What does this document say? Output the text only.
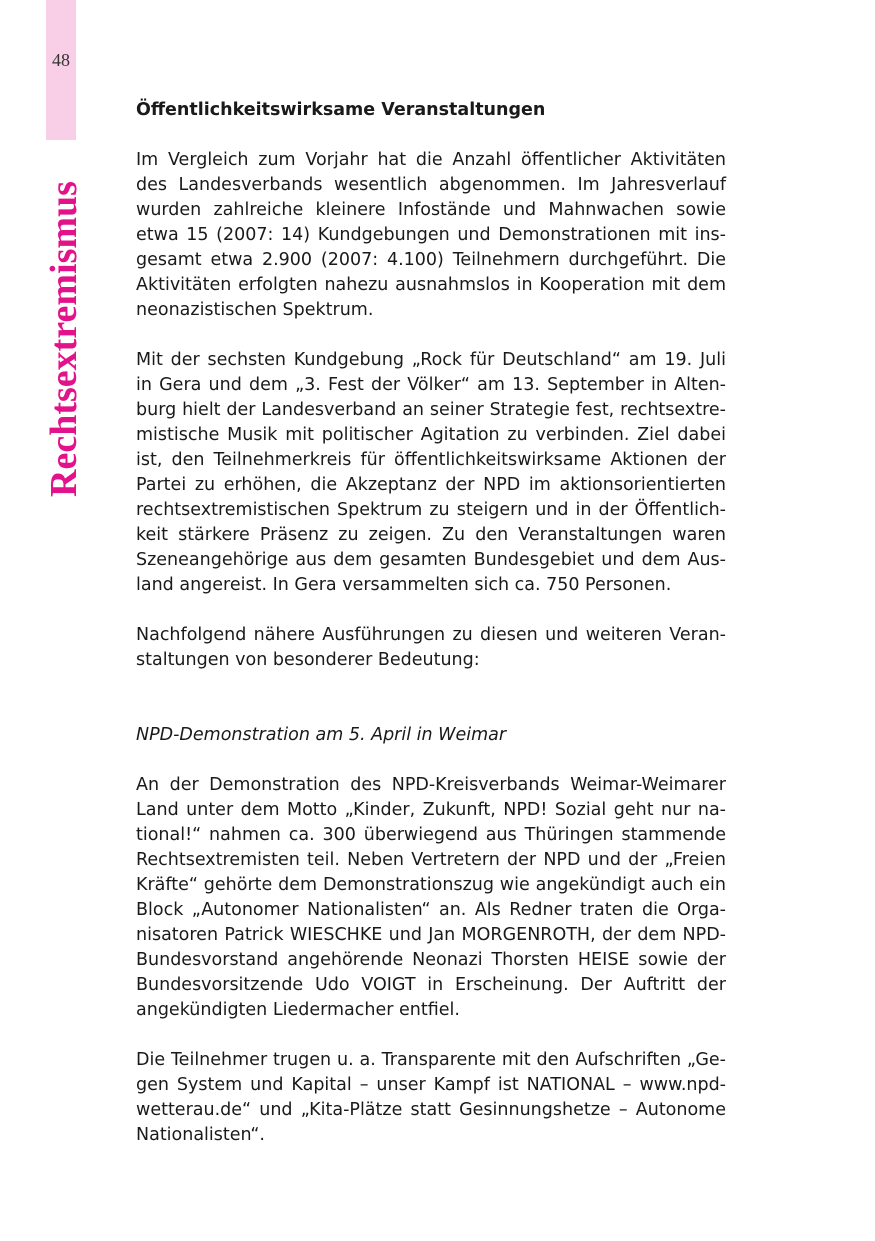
48
Rechtsextremismus
Öffentlichkeitswirksame Veranstaltungen

Im Vergleich zum Vorjahr hat die Anzahl öffentlicher Aktivitäten des Landesverbands wesentlich abgenommen. Im Jahresverlauf wurden zahlreiche kleinere Infostände und Mahnwachen sowie etwa 15 (2007: 14) Kundgebungen und Demonstrationen mit insgesamt etwa 2.900 (2007: 4.100) Teilnehmern durchgeführt. Die Aktivitäten erfolgten nahezu ausnahmslos in Kooperation mit dem neonazistischen Spektrum.

Mit der sechsten Kundgebung „Rock für Deutschland“ am 19. Juli in Gera und dem „3. Fest der Völker“ am 13. September in Altenburg hielt der Landesverband an seiner Strategie fest, rechtsextremistische Musik mit politischer Agitation zu verbinden. Ziel dabei ist, den Teilnehmerkreis für öffentlichkeitswirksame Aktionen der Partei zu erhöhen, die Akzeptanz der NPD im aktionsorientierten rechtsextremistischen Spektrum zu steigern und in der Öffentlichkeit stärkere Präsenz zu zeigen. Zu den Veranstaltungen waren Szeneangehörige aus dem gesamten Bundesgebiet und dem Ausland angereist. In Gera versammelten sich ca. 750 Personen.

Nachfolgend nähere Ausführungen zu diesen und weiteren Veranstaltungen von besonderer Bedeutung:

NPD-Demonstration am 5. April in Weimar

An der Demonstration des NPD-Kreisverbands Weimar-Weimarer Land unter dem Motto „Kinder, Zukunft, NPD! Sozial geht nur national!“ nahmen ca. 300 überwiegend aus Thüringen stammende Rechtsextremisten teil. Neben Vertretern der NPD und der „Freien Kräfte“ gehörte dem Demonstrationszug wie angekündigt auch ein Block „Autonomer Nationalisten“ an. Als Redner traten die Organisatoren Patrick WIESCHKE und Jan MORGENROTH, der dem NPD-Bundesvorstand angehörende Neonazi Thorsten HEISE sowie der Bundesvorsitzende Udo VOIGT in Erscheinung. Der Auftritt der angekündigten Liedermacher entfiel.

Die Teilnehmer trugen u. a. Transparente mit den Aufschriften „Gegen System und Kapital – unser Kampf ist NATIONAL – www.npd-wetterau.de“ und „Kita-Plätze statt Gesinnungshetze – Autonome Nationalisten“.
